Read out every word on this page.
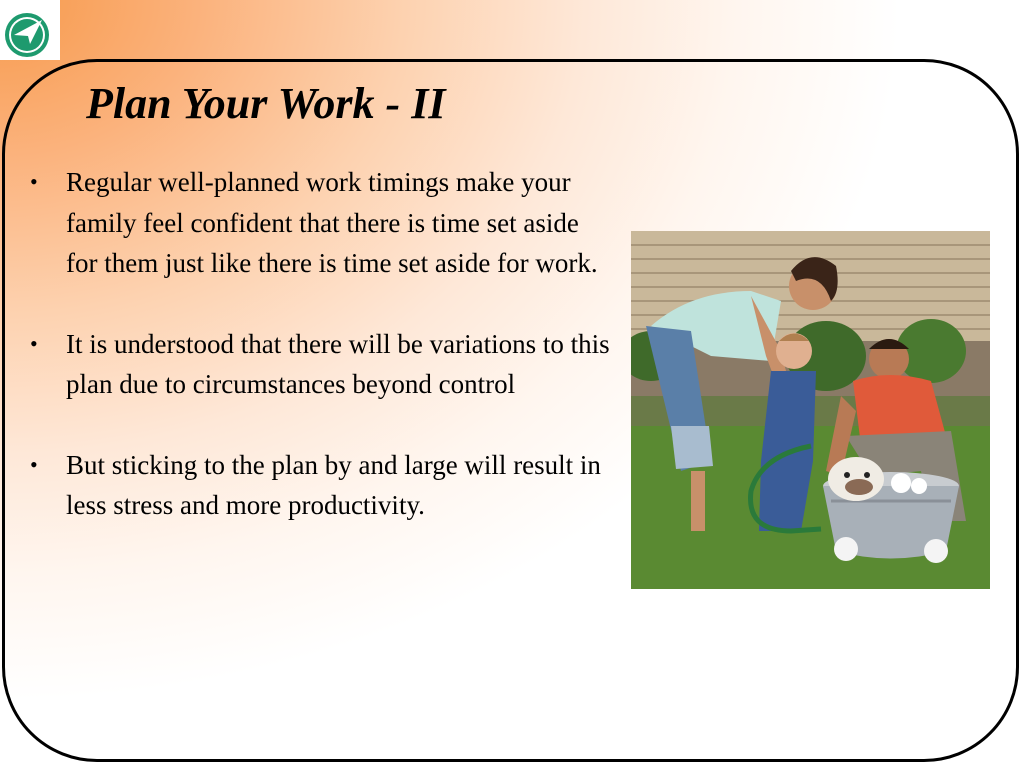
Plan Your Work - II
• Regular well-planned work timings make your family feel confident that there is time set aside for them just like there is time set aside for work.
• It is understood that there will be variations to this plan due to circumstances beyond control
• But sticking to the plan by and large will result in less stress and more productivity.
